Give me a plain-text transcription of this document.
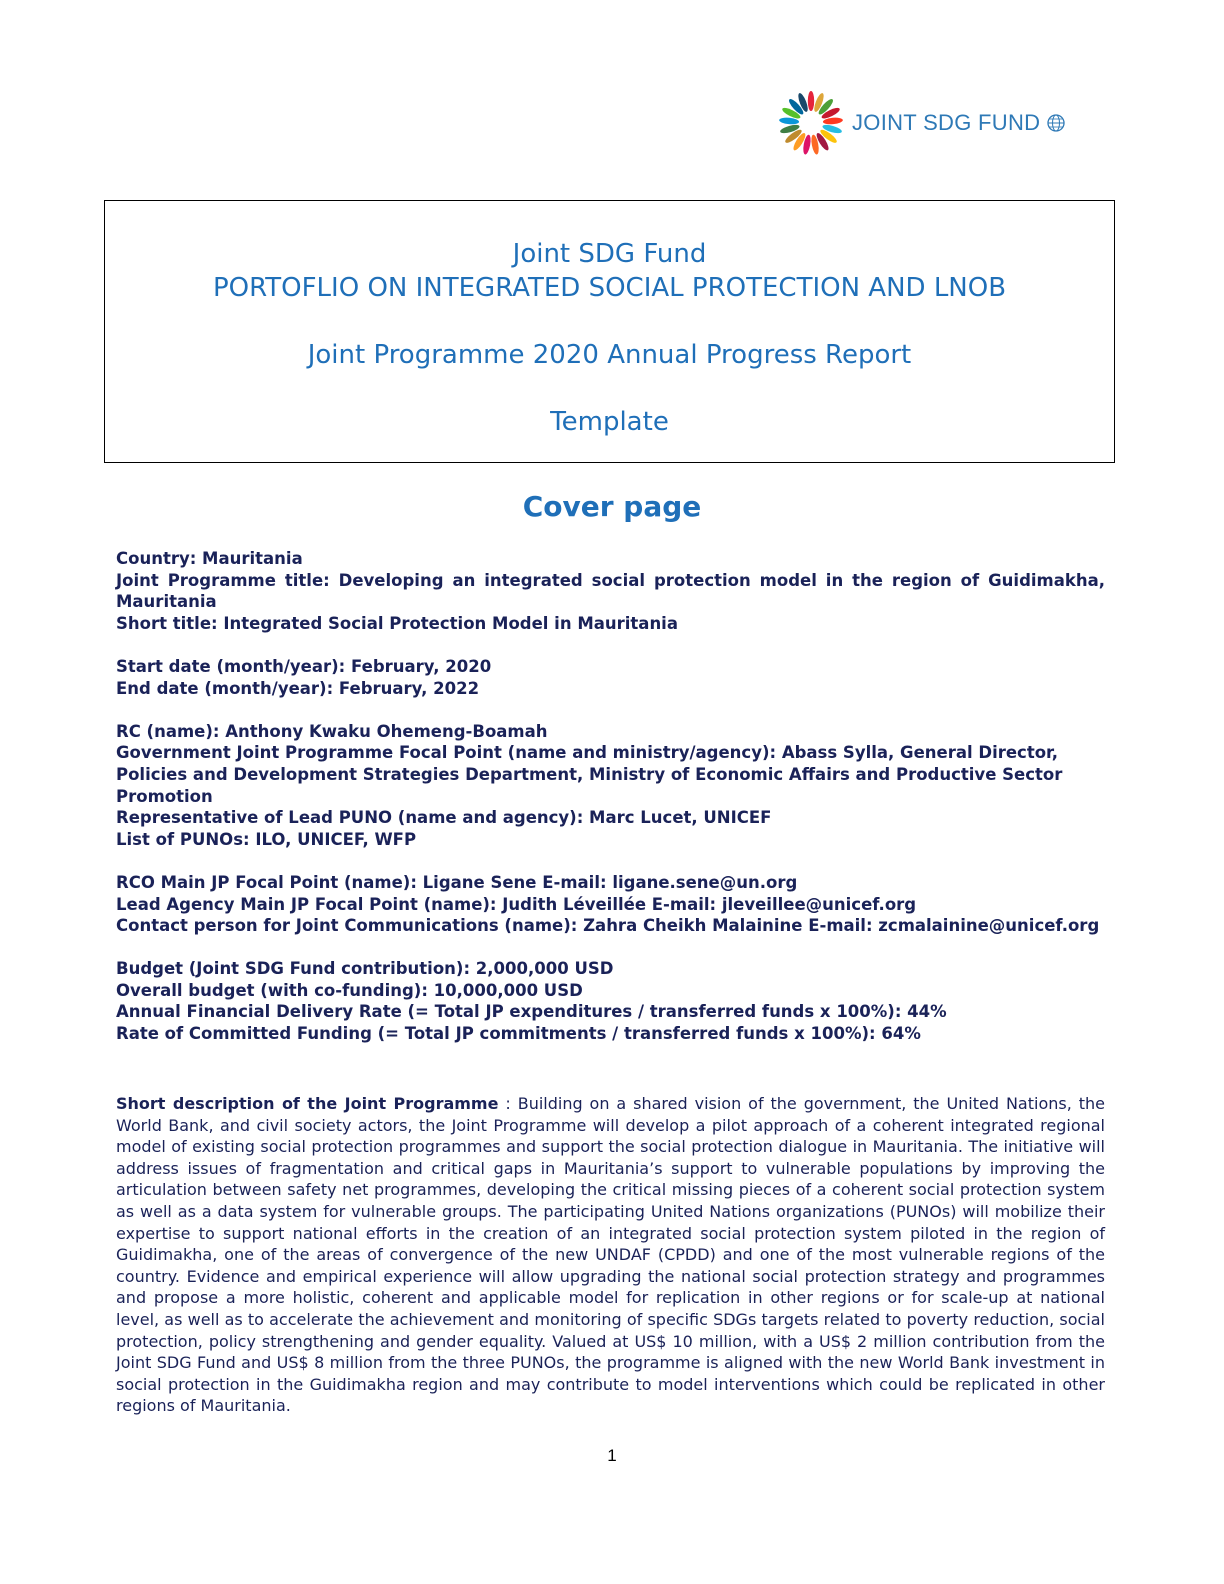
JOINT SDG FUND
Joint SDG Fund
PORTOFLIO ON INTEGRATED SOCIAL PROTECTION AND LNOB
Joint Programme 2020 Annual Progress Report
Template
Cover page

Country: Mauritania

Joint Programme title: Developing an integrated social protection model in the region of Guidimakha, Mauritania

Short title: Integrated Social Protection Model in Mauritania

Start date (month/year): February, 2020

End date (month/year): February, 2022

RC (name): Anthony Kwaku Ohemeng-Boamah

Government Joint Programme Focal Point (name and ministry/agency): Abass Sylla, General Director, Policies and Development Strategies Department, Ministry of Economic Affairs and Productive Sector Promotion

Representative of Lead PUNO (name and agency): Marc Lucet, UNICEF

List of PUNOs: ILO, UNICEF, WFP

RCO Main JP Focal Point (name): Ligane Sene E-mail: ligane.sene@un.org

Lead Agency Main JP Focal Point (name): Judith Léveillée E-mail: jleveillee@unicef.org

Contact person for Joint Communications (name): Zahra Cheikh Malainine E-mail: zcmalainine@unicef.org

Budget (Joint SDG Fund contribution): 2,000,000 USD

Overall budget (with co-funding): 10,000,000 USD

Annual Financial Delivery Rate (= Total JP expenditures / transferred funds x 100%): 44%

Rate of Committed Funding (= Total JP commitments / transferred funds x 100%): 64%

Short description of the Joint Programme : Building on a shared vision of the government, the United Nations, the World Bank, and civil society actors, the Joint Programme will develop a pilot approach of a coherent integrated regional model of existing social protection programmes and support the social protection dialogue in Mauritania. The initiative will address issues of fragmentation and critical gaps in Mauritania’s support to vulnerable populations by improving the articulation between safety net programmes, developing the critical missing pieces of a coherent social protection system as well as a data system for vulnerable groups. The participating United Nations organizations (PUNOs) will mobilize their expertise to support national efforts in the creation of an integrated social protection system piloted in the region of Guidimakha, one of the areas of convergence of the new UNDAF (CPDD) and one of the most vulnerable regions of the country. Evidence and empirical experience will allow upgrading the national social protection strategy and programmes and propose a more holistic, coherent and applicable model for replication in other regions or for scale-up at national level, as well as to accelerate the achievement and monitoring of specific SDGs targets related to poverty reduction, social protection, policy strengthening and gender equality. Valued at US$ 10 million, with a US$ 2 million contribution from the Joint SDG Fund and US$ 8 million from the three PUNOs, the programme is aligned with the new World Bank investment in social protection in the Guidimakha region and may contribute to model interventions which could be replicated in other regions of Mauritania.
1
